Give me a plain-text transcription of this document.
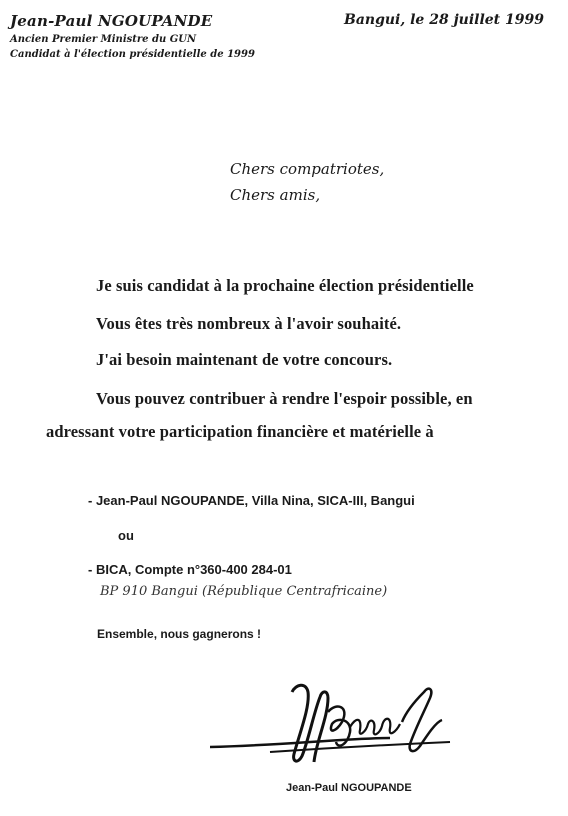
Jean-Paul NGOUPANDE
Ancien Premier Ministre du GUN
Candidat à l'élection présidentielle de 1999
Bangui, le 28 juillet 1999
Chers compatriotes,
Chers amis,
Je suis candidat à la prochaine élection présidentielle
Vous êtes très nombreux à l'avoir souhaité.
J'ai besoin maintenant de votre concours.
Vous pouvez contribuer à rendre l'espoir possible, en
adressant votre participation financière et matérielle à
- Jean-Paul NGOUPANDE, Villa Nina, SICA-III, Bangui
ou
- BICA, Compte n°360-400 284-01
BP 910 Bangui (République Centrafricaine)
Ensemble, nous gagnerons !
Jean-Paul NGOUPANDE
